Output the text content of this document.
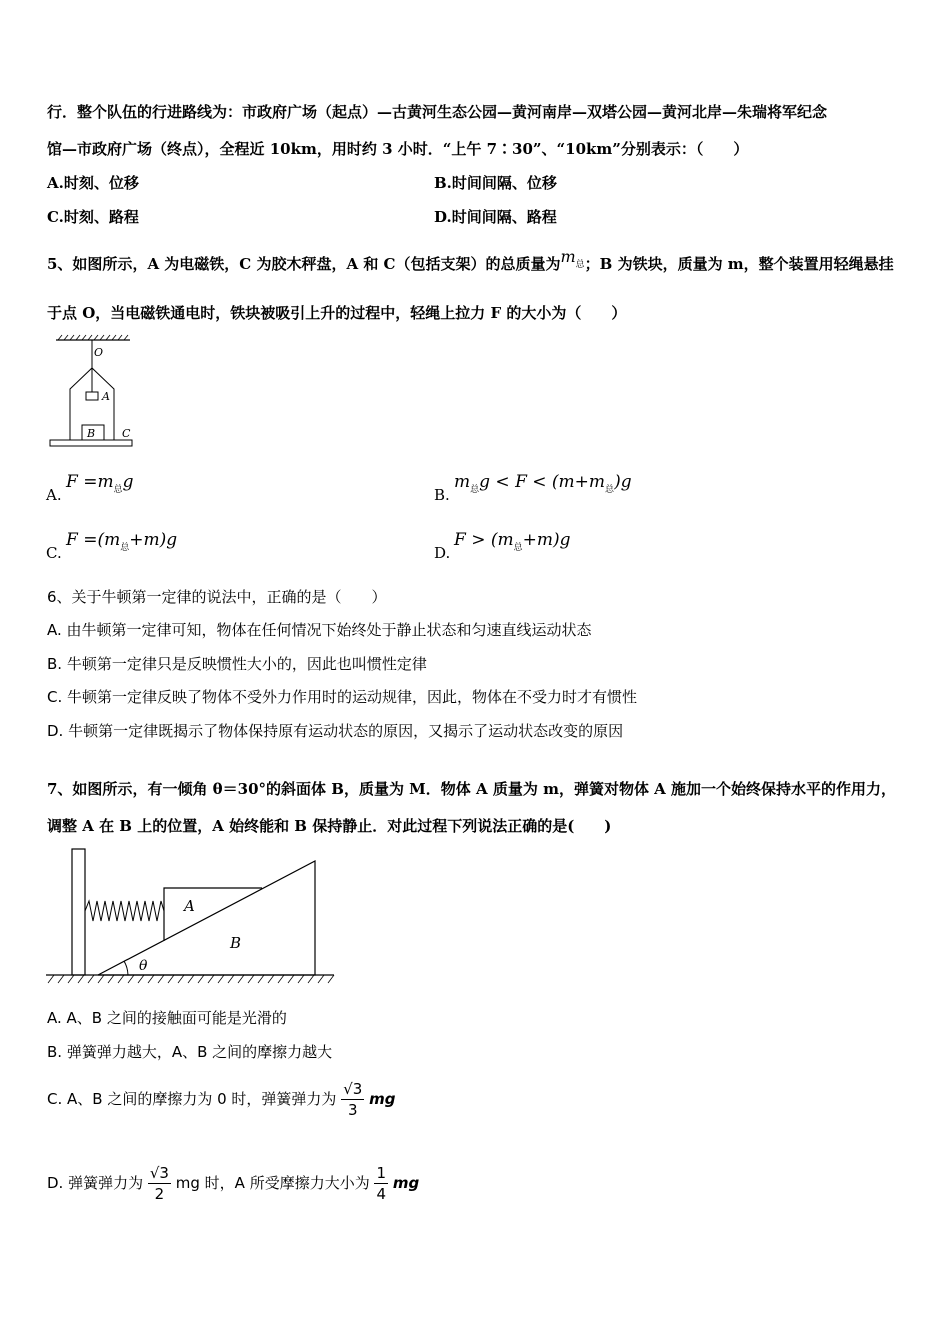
行．整个队伍的行进路线为：市政府广场（起点）—古黄河生态公园—黄河南岸—双塔公园—黄河北岸—朱瑞将军纪念
馆—市政府广场（终点），全程近 10km，用时约 3 小时．“上午 7∶30”、“10km”分别表示：（　　）
A.时刻、位移	B.时间间隔、位移
C.时刻、路程	D.时间间隔、路程
5、如图所示，A 为电磁铁，C 为胶木秤盘，A 和 C（包括支架）的总质量为m总；B 为铁块，质量为 m，整个装置用轻绳悬挂
于点 O，当电磁铁通电时，铁块被吸引上升的过程中，轻绳上拉力 F 的大小为（　　）
O
A
B C
A.
$F =m_总g$
B.
$m_总g < F < (m+m_总)g$
C.
$F =(m_总+m)g$
D.
$F > (m_总+m)g$
6、关于牛顿第一定律的说法中，正确的是（　　）
A. 由牛顿第一定律可知，物体在任何情况下始终处于静止状态和匀速直线运动状态
B. 牛顿第一定律只是反映惯性大小的，因此也叫惯性定律
C. 牛顿第一定律反映了物体不受外力作用时的运动规律，因此，物体在不受力时才有惯性
D. 牛顿第一定律既揭示了物体保持原有运动状态的原因，又揭示了运动状态改变的原因
7、如图所示，有一倾角 θ＝30°的斜面体 B，质量为 M．物体 A 质量为 m，弹簧对物体 A 施加一个始终保持水平的作用力，
调整 A 在 B 上的位置，A 始终能和 B 保持静止．对此过程下列说法正确的是(　　)
A
B
θ
A. A、B 之间的接触面可能是光滑的
B. 弹簧弹力越大，A、B 之间的摩擦力越大
C. A、B 之间的摩擦力为 0 时，弹簧弹力为 $\frac{√3}{3}$ mg
D. 弹簧弹力为 $\frac{√3}{2}$ mg 时，A 所受摩擦力大小为 $\frac{1}{4}$ mg
